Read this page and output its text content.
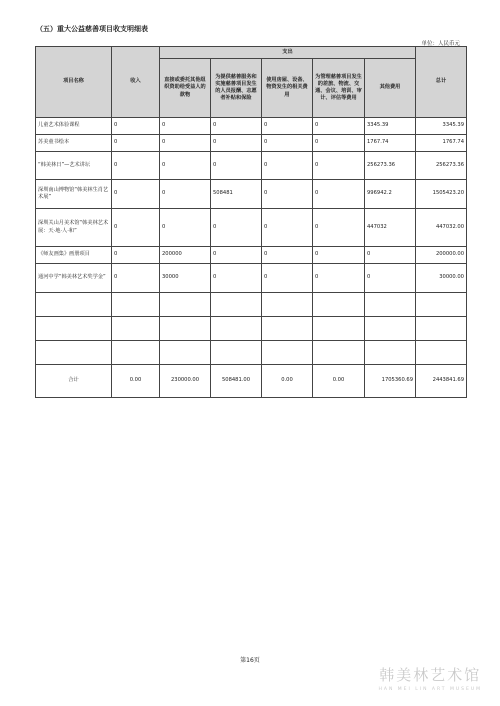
（五）重大公益慈善项目收支明细表
单位：人民币元
项目名称	收入	支出					总计
		直接或委托其他组织资助给受益人的款物	为提供慈善服务和实施慈善项目发生的人员报酬、志愿者补贴和保险	使用房屋、设备、物资发生的相关费用	为管理慈善项目发生的差旅、物流、交通、会议、培训、审计、评估等费用	其他费用	
儿童艺术体验课程	0	0	0	0	0	3345.39	3345.39
苏美童书绘本	0	0	0	0	0	1767.74	1767.74
“韩美林日”—艺术讲坛	0	0	0	0	0	256273.36	256273.36
深圳南山博物馆“韩美林生肖艺术展”	0	0	508481	0	0	996942.2	1505423.20
深圳关山月美术馆“韩美林艺术展：天·地·人·和”	0	0	0	0	0	447032	447032.00
《师友画集》画册项目	0	200000	0	0	0	0	200000.00
通河中学“韩美林艺术奖学金”	0	30000	0	0	0	0	30000.00

合计	0.00	230000.00	508481.00	0.00	0.00	1705360.69	2443841.69
第16页
韩美林艺术馆
HAN MEI LIN ART MUSEUM
